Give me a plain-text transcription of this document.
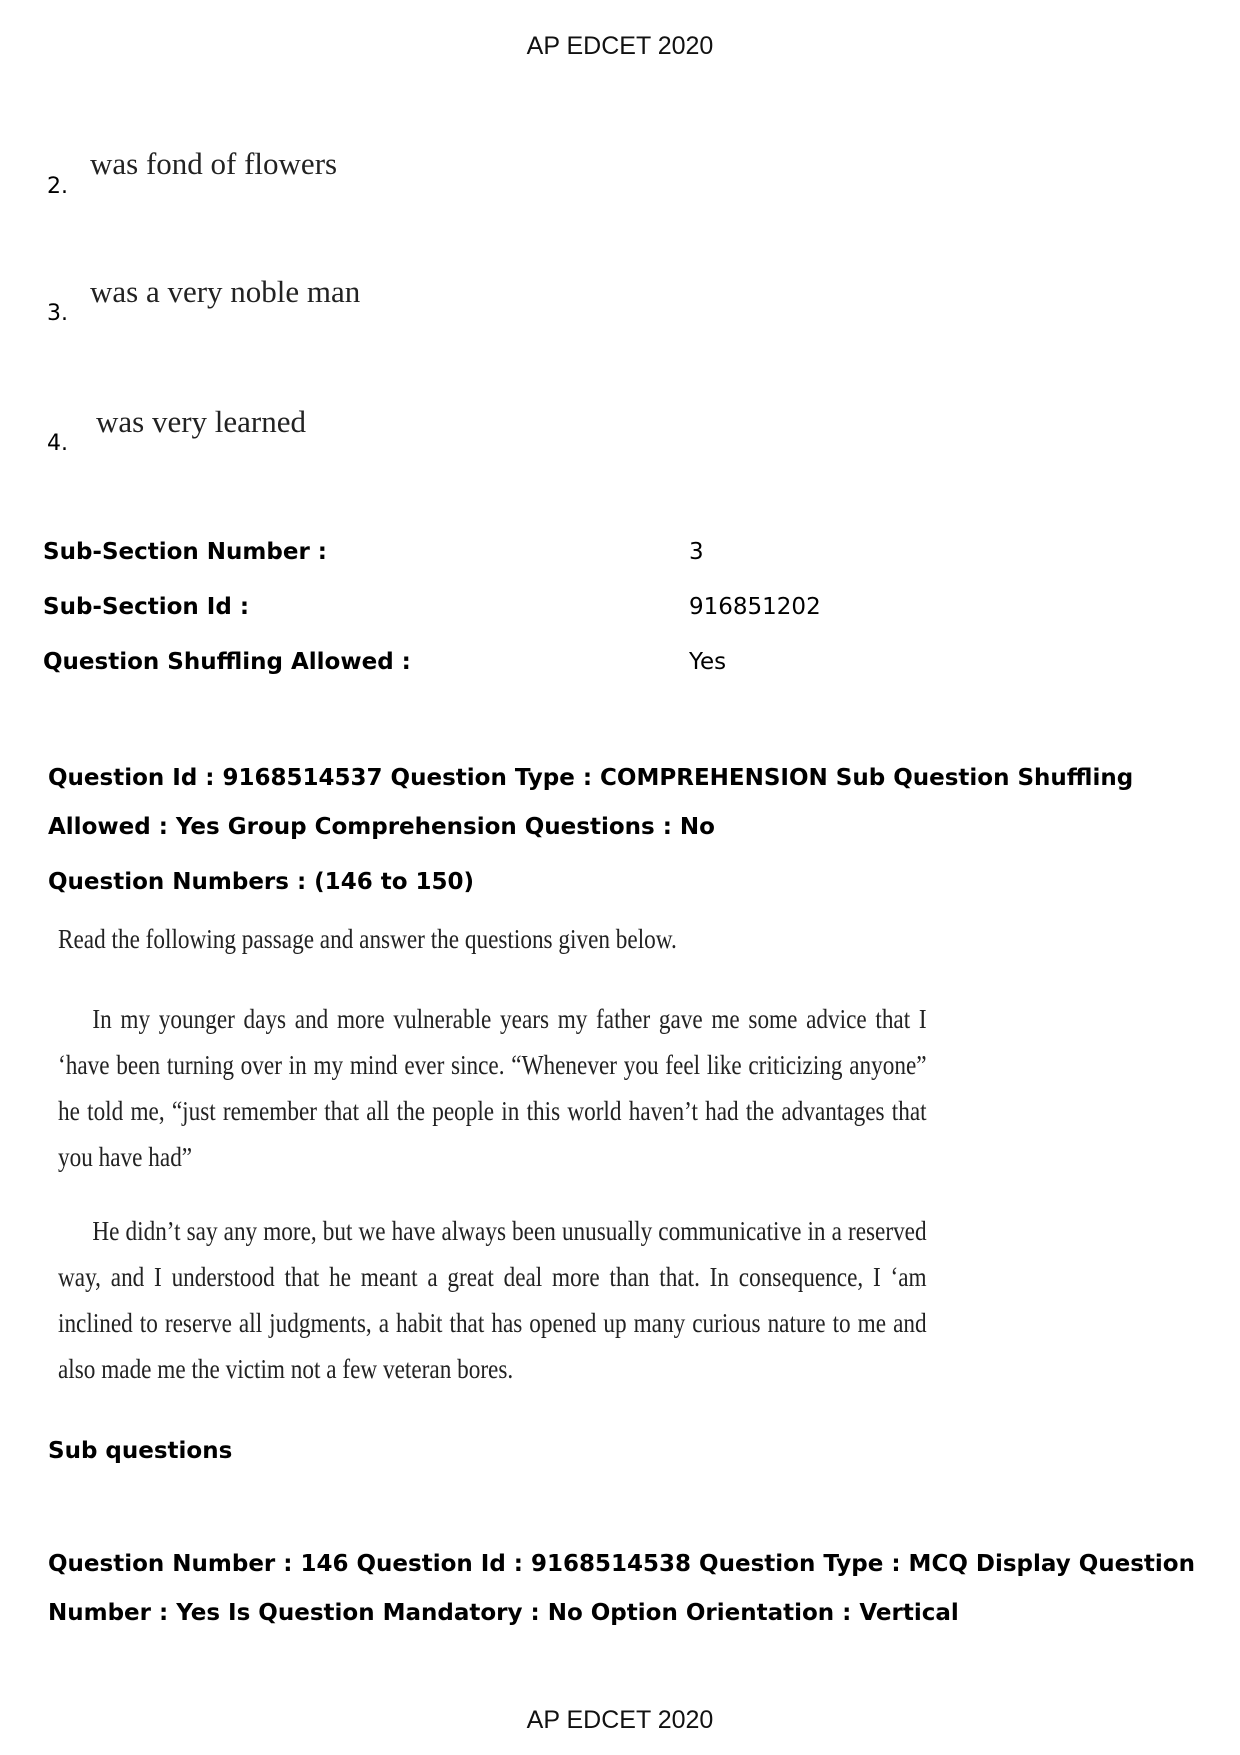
AP EDCET 2020
2.
was fond of flowers
3.
was a very noble man
4.
was very learned
Sub-Section Number :	3
Sub-Section Id :	916851202
Question Shuffling Allowed :	Yes
Question Id : 9168514537 Question Type : COMPREHENSION Sub Question Shuffling Allowed : Yes Group Comprehension Questions : No
Question Numbers : (146 to 150)
Read the following passage and answer the questions given below.
In my younger days and more vulnerable years my father gave me some advice that I ‘have been turning over in my mind ever since. “Whenever you feel like criticizing anyone” he told me, “just remember that all the people in this world haven’t had the advantages that you have had”
He didn’t say any more, but we have always been unusually communicative in a reserved way, and I understood that he meant a great deal more than that. In consequence, I ‘am inclined to reserve all judgments, a habit that has opened up many curious nature to me and also made me the victim not a few veteran bores.
Sub questions
Question Number : 146 Question Id : 9168514538 Question Type : MCQ Display Question Number : Yes Is Question Mandatory : No Option Orientation : Vertical
AP EDCET 2020
